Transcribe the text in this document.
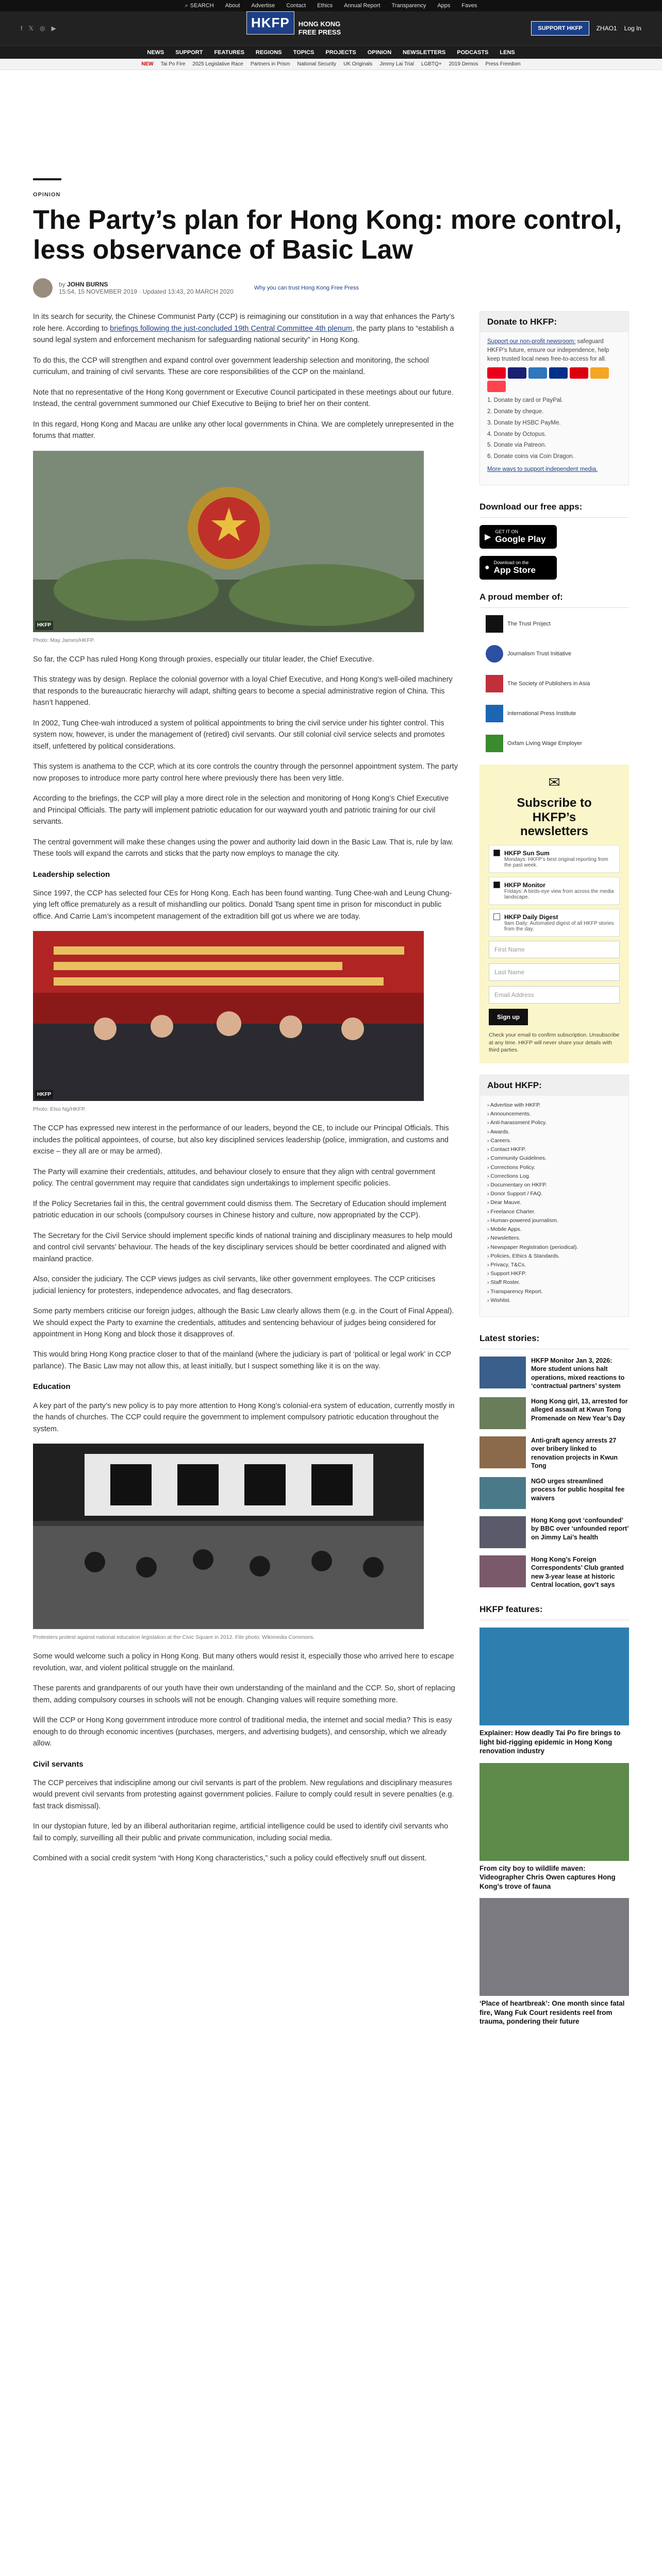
⌕ SEARCH About Advertise Contact Ethics Annual Report Transparency Apps Faves
f 𝕏 ◎ ▶	HKFP	HONG KONG
FREE PRESS	SUPPORT HKFP	ZHAO1 Log In
NEWS SUPPORT FEATURES REGIONS TOPICS PROJECTS OPINION NEWSLETTERS PODCASTS LENS
NEW Tai Po Fire 2025 Legislative Race Partners in Prism National Security UK Originals Jimmy Lai Trial LGBTQ+ 2019 Demos Press Freedom
OPINION
The Party’s plan for Hong Kong: more control, less observance of Basic Law
by JOHN BURNS
15:54, 15 NOVEMBER 2019 · Updated 13:43, 20 MARCH 2020	Why you can trust Hong Kong Free Press

In its search for security, the Chinese Communist Party (CCP) is reimagining our constitution in a way that enhances the Party’s role here. According to briefings following the just-concluded 19th Central Committee 4th plenum, the party plans to “establish a sound legal system and enforcement mechanism for safeguarding national security” in Hong Kong.

To do this, the CCP will strengthen and expand control over government leadership selection and monitoring, the school curriculum, and training of civil servants. These are core responsibilities of the CCP on the mainland.

Note that no representative of the Hong Kong government or Executive Council participated in these meetings about our future. Instead, the central government summoned our Chief Executive to Beijing to brief her on their content.

In this regard, Hong Kong and Macau are unlike any other local governments in China. We are completely unrepresented in the forums that matter.

HKFP
Photo: May James/HKFP.

So far, the CCP has ruled Hong Kong through proxies, especially our titular leader, the Chief Executive.

This strategy was by design. Replace the colonial governor with a loyal Chief Executive, and Hong Kong’s well-oiled machinery that responds to the bureaucratic hierarchy will adapt, shifting gears to become a special administrative region of China. This hasn’t happened.

In 2002, Tung Chee-wah introduced a system of political appointments to bring the civil service under his tighter control. This system now, however, is under the management of (retired) civil servants. Our still colonial civil service selects and promotes itself, unfettered by political considerations.

This system is anathema to the CCP, which at its core controls the country through the personnel appointment system. The party now proposes to introduce more party control here where previously there has been very little.

According to the briefings, the CCP will play a more direct role in the selection and monitoring of Hong Kong’s Chief Executive and Principal Officials. The party will implement patriotic education for our wayward youth and patriotic training for our civil servants.

The central government will make these changes using the power and authority laid down in the Basic Law. That is, rule by law. These tools will expand the carrots and sticks that the party now employs to manage the city.

Leadership selection

Since 1997, the CCP has selected four CEs for Hong Kong. Each has been found wanting. Tung Chee-wah and Leung Chung-ying left office prematurely as a result of mishandling our politics. Donald Tsang spent time in prison for misconduct in public office. And Carrie Lam’s incompetent management of the extradition bill got us where we are today.

HKFP
Photo: Elso Ng/HKFP.

The CCP has expressed new interest in the performance of our leaders, beyond the CE, to include our Principal Officials. This includes the political appointees, of course, but also key disciplined services leadership (police, immigration, and customs and excise – they all are or may be armed).

The Party will examine their credentials, attitudes, and behaviour closely to ensure that they align with central government policy. The central government may require that candidates sign undertakings to implement specific policies.

If the Policy Secretaries fail in this, the central government could dismiss them. The Secretary of Education should implement patriotic education in our schools (compulsory courses in Chinese history and culture, now appropriated by the CCP).

The Secretary for the Civil Service should implement specific kinds of national training and disciplinary measures to help mould and control civil servants’ behaviour. The heads of the key disciplinary services should be better coordinated and aligned with mainland practice.

Also, consider the judiciary. The CCP views judges as civil servants, like other government employees. The CCP criticises judicial leniency for protesters, independence advocates, and flag desecrators.

Some party members criticise our foreign judges, although the Basic Law clearly allows them (e.g. in the Court of Final Appeal). We should expect the Party to examine the credentials, attitudes and sentencing behaviour of judges being considered for appointment in Hong Kong and block those it disapproves of.

This would bring Hong Kong practice closer to that of the mainland (where the judiciary is part of ‘political or legal work’ in CCP parlance). The Basic Law may not allow this, at least initially, but I suspect something like it is on the way.

Education

A key part of the party’s new policy is to pay more attention to Hong Kong’s colonial-era system of education, currently mostly in the hands of churches. The CCP could require the government to implement compulsory patriotic education throughout the system.

Protesters protest against national education legislation at the Civic Square in 2012. File photo: Wikimedia Commons.

Some would welcome such a policy in Hong Kong. But many others would resist it, especially those who arrived here to escape revolution, war, and violent political struggle on the mainland.

These parents and grandparents of our youth have their own understanding of the mainland and the CCP. So, short of replacing them, adding compulsory courses in schools will not be enough. Changing values will require something more.

Will the CCP or Hong Kong government introduce more control of traditional media, the internet and social media? This is easy enough to do through economic incentives (purchases, mergers, and advertising budgets), and censorship, which we already allow.

Civil servants

The CCP perceives that indiscipline among our civil servants is part of the problem. New regulations and disciplinary measures would prevent civil servants from protesting against government policies. Failure to comply could result in severe penalties (e.g. fast track dismissal).

In our dystopian future, led by an illiberal authoritarian regime, artificial intelligence could be used to identify civil servants who fail to comply, surveilling all their public and private communication, including social media.

Combined with a social credit system “with Hong Kong characteristics,” such a policy could effectively snuff out dissent.

Donate to HKFP:
Support our non-profit newsroom: safeguard HKFP’s future, ensure our independence, help keep trusted local news free-to-access for all.
1. Donate by card or PayPal.
2. Donate by cheque.
3. Donate by HSBC PayMe.
4. Donate by Octopus.
5. Donate via Patreon.
6. Donate coins via Coin Dragon.
More ways to support independent media.
Download our free apps:
▶
GET IT ON
Google Play
●
Download on the
App Store
A proud member of:
The Trust Project
Journalism Trust Initiative
The Society of Publishers in Asia
International Press Institute
Oxfam Living Wage Employer
✉
Subscribe to
HKFP’s
newsletters
HKFP Sun Sum
Mondays: HKFP’s best original reporting from the past week.
HKFP Monitor
Fridays: A birds-eye view from across the media landscape.
HKFP Daily Digest
9am Daily: Automated digest of all HKFP stories from the day.
First Name
Last Name
Email Address
Sign up
Check your email to confirm subscription. Unsubscribe at any time. HKFP will never share your details with third parties.
About HKFP:
› Advertise with HKFP.
› Announcements.
› Anti-harassment Policy.
› Awards.
› Careers.
› Contact HKFP.
› Community Guidelines.
› Corrections Policy.
› Corrections Log.
› Documentary on HKFP.
› Donor Support / FAQ.
› Dear Mauve.
› Freelance Charter.
› Human-powered journalism.
› Mobile Apps.
› Newsletters.
› Newspaper Registration (periodical).
› Policies, Ethics & Standards.
› Privacy, T&Cs.
› Support HKFP.
› Staff Roster.
› Transparency Report.
› Wishlist.
Latest stories:
HKFP Monitor Jan 3, 2026: More student unions halt operations, mixed reactions to ‘contractual partners’ system
Hong Kong girl, 13, arrested for alleged assault at Kwun Tong Promenade on New Year’s Day
Anti-graft agency arrests 27 over bribery linked to renovation projects in Kwun Tong
NGO urges streamlined process for public hospital fee waivers
Hong Kong govt ‘confounded’ by BBC over ‘unfounded report’ on Jimmy Lai’s health
Hong Kong’s Foreign Correspondents’ Club granted new 3-year lease at historic Central location, gov’t says
HKFP features:
Explainer: How deadly Tai Po fire brings to light bid-rigging epidemic in Hong Kong renovation industry
From city boy to wildlife maven: Videographer Chris Owen captures Hong Kong’s trove of fauna
‘Place of heartbreak’: One month since fatal fire, Wang Fuk Court residents reel from trauma, pondering their future
